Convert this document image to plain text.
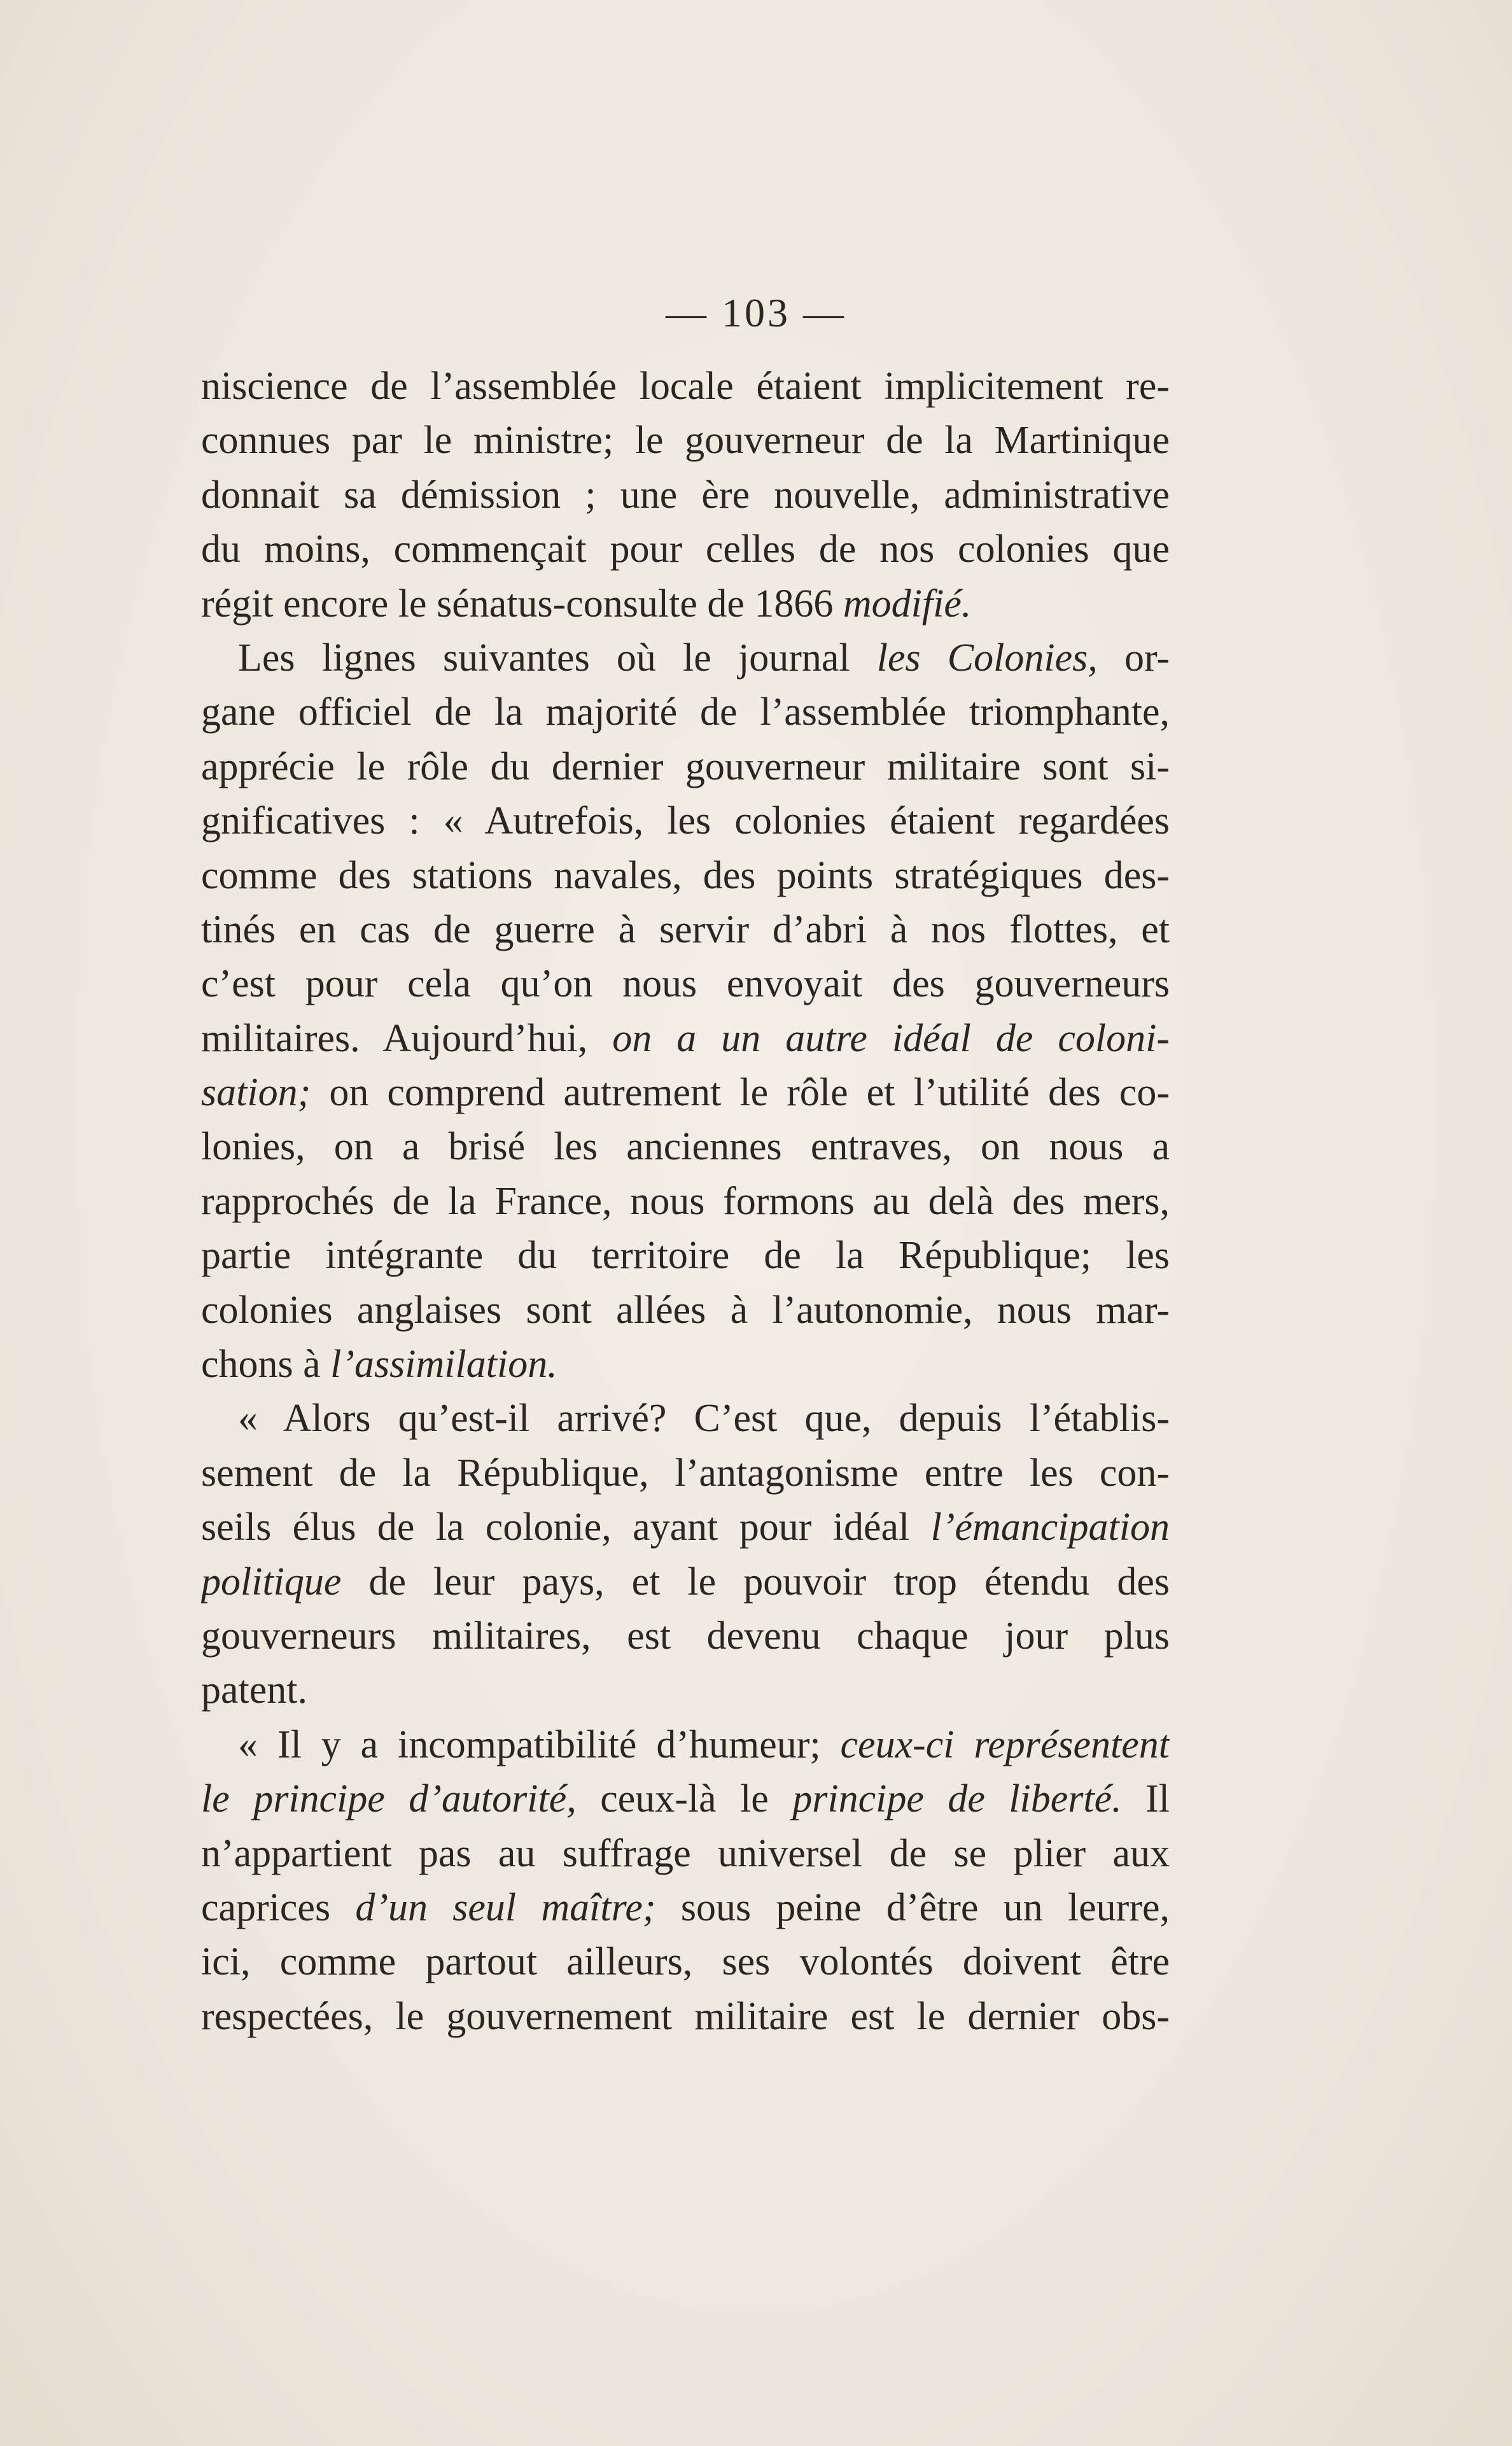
— 103 —
niscience de l’assemblée locale étaient implicitement re-
connues par le ministre; le gouverneur de la Martinique
donnait sa démission ; une ère nouvelle, administrative
du moins, commençait pour celles de nos colonies que
régit encore le sénatus-consulte de 1866 modifié.
Les lignes suivantes où le journal les Colonies, or-
gane officiel de la majorité de l’assemblée triomphante,
apprécie le rôle du dernier gouverneur militaire sont si-
gnificatives : « Autrefois, les colonies étaient regardées
comme des stations navales, des points stratégiques des-
tinés en cas de guerre à servir d’abri à nos flottes, et
c’est pour cela qu’on nous envoyait des gouverneurs
militaires. Aujourd’hui, on a un autre idéal de coloni-
sation; on comprend autrement le rôle et l’utilité des co-
lonies, on a brisé les anciennes entraves, on nous a
rapprochés de la France, nous formons au delà des mers,
partie intégrante du territoire de la République; les
colonies anglaises sont allées à l’autonomie, nous mar-
chons à l’assimilation.
« Alors qu’est-il arrivé? C’est que, depuis l’établis-
sement de la République, l’antagonisme entre les con-
seils élus de la colonie, ayant pour idéal l’émancipation
politique de leur pays, et le pouvoir trop étendu des
gouverneurs militaires, est devenu chaque jour plus
patent.
« Il y a incompatibilité d’humeur; ceux-ci représentent
le principe d’autorité, ceux-là le principe de liberté. Il
n’appartient pas au suffrage universel de se plier aux
caprices d’un seul maître; sous peine d’être un leurre,
ici, comme partout ailleurs, ses volontés doivent être
respectées, le gouvernement militaire est le dernier obs-
